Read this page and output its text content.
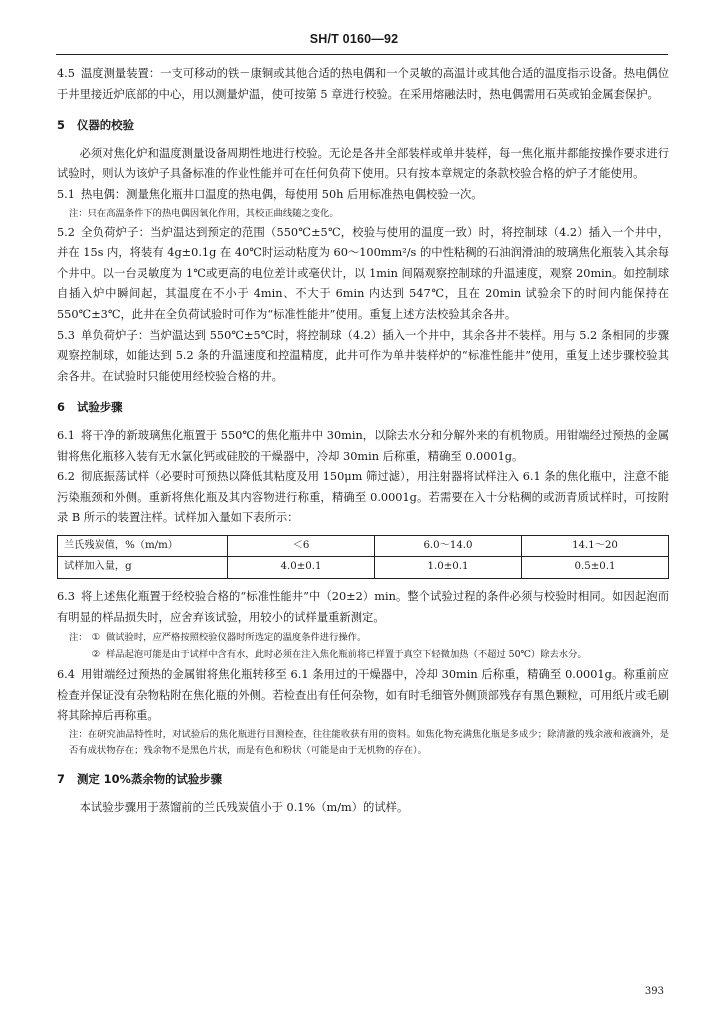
SH/T 0160—92

4.5 温度测量装置：一支可移动的铁－康铜或其他合适的热电偶和一个灵敏的高温计或其他合适的温度指示设备。热电偶位于井里接近炉底部的中心，用以测量炉温，使可按第 5 章进行校验。在采用熔融法时，热电偶需用石英或铂金属套保护。

5 仪器的校验

必须对焦化炉和温度测量设备周期性地进行校验。无论是各井全部装样或单井装样，每一焦化瓶井都能按操作要求进行试验时，则认为该炉子具备标准的作业性能并可在任何负荷下使用。只有按本章规定的条款校验合格的炉子才能使用。

5.1 热电偶：测量焦化瓶井口温度的热电偶，每使用 50h 后用标准热电偶校验一次。

注：只在高温条件下的热电偶因氧化作用，其校正曲线随之变化。

5.2 全负荷炉子：当炉温达到预定的范围（550℃±5℃，校验与使用的温度一致）时，将控制球（4.2）插入一个井中，并在 15s 内，将装有 4g±0.1g 在 40℃时运动粘度为 60～100mm²/s 的中性粘稠的石油润滑油的玻璃焦化瓶装入其余每个井中。以一台灵敏度为 1℃或更高的电位差计或毫伏计，以 1min 间隔观察控制球的升温速度，观察 20min。如控制球自插入炉中瞬间起，其温度在不小于 4min、不大于 6min 内达到 547℃，且在 20min 试验余下的时间内能保持在 550℃±3℃，此井在全负荷试验时可作为“标准性能井”使用。重复上述方法校验其余各井。

5.3 单负荷炉子：当炉温达到 550℃±5℃时，将控制球（4.2）插入一个井中，其余各井不装样。用与 5.2 条相同的步骤观察控制球，如能达到 5.2 条的升温速度和控温精度，此井可作为单井装样炉的“标准性能井”使用，重复上述步骤校验其余各井。在试验时只能使用经校验合格的井。

6 试验步骤

6.1 将干净的新玻璃焦化瓶置于 550℃的焦化瓶井中 30min，以除去水分和分解外来的有机物质。用钳端经过预热的金属钳将焦化瓶移入装有无水氯化钙或硅胶的干燥器中，冷却 30min 后称重，精确至 0.0001g。

6.2 彻底振荡试样（必要时可预热以降低其粘度及用 150μm 筛过滤），用注射器将试样注入 6.1 条的焦化瓶中，注意不能污染瓶颈和外侧。重新将焦化瓶及其内容物进行称重，精确至 0.0001g。若需要在入十分粘稠的或沥青质试样时，可按附录 B 所示的装置注样。试样加入量如下表所示：

兰氏残炭值，%（m/m）	＜6	6.0～14.0	14.1～20
试样加入量，g	4.0±0.1	1.0±0.1	0.5±0.1

6.3 将上述焦化瓶置于经校验合格的“标准性能井”中（20±2）min。整个试验过程的条件必须与校验时相同。如因起泡而有明显的样品损失时，应舍弃该试验，用较小的试样量重新测定。

注： ① 做试验时，应严格按照校验仪器时所选定的温度条件进行操作。
② 样品起泡可能是由于试样中含有水，此时必须在注入焦化瓶前将已样置于真空下轻微加热（不超过 50℃）除去水分。

6.4 用钳端经过预热的金属钳将焦化瓶转移至 6.1 条用过的干燥器中，冷却 30min 后称重，精确至 0.0001g。称重前应检查并保证没有杂物粘附在焦化瓶的外侧。若检查出有任何杂物，如有时毛细管外侧顶部残存有黑色颗粒，可用纸片或毛刷将其除掉后再称重。

注：在研究油品特性时，对试验后的焦化瓶进行目测检查，往往能收获有用的资料。如焦化物充满焦化瓶是多成少；除清澈的残余液和液滴外，是否有成状物存在；残余物不是黑色片状，而是有色和粉状（可能是由于无机物的存在）。

7 测定 10%蒸余物的试验步骤

本试验步骤用于蒸馏前的兰氏残炭值小于 0.1%（m/m）的试样。

393
